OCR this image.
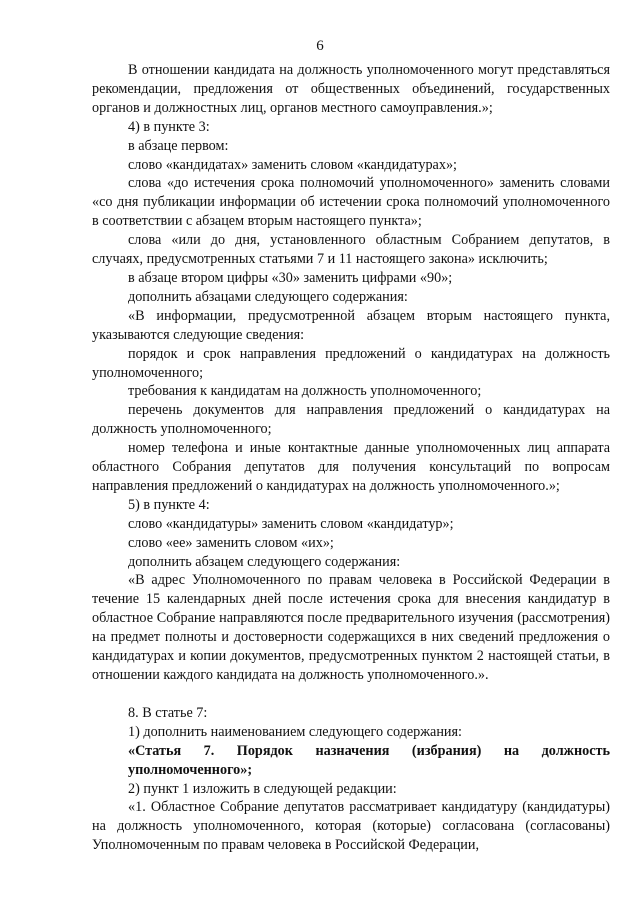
6

В отношении кандидата на должность уполномоченного могут представляться рекомендации, предложения от общественных объединений, государственных органов и должностных лиц, органов местного самоуправления.»;

4) в пункте 3:

в абзаце первом:

слово «кандидатах» заменить словом «кандидатурах»;

слова «до истечения срока полномочий уполномоченного» заменить словами «со дня публикации информации об истечении срока полномочий уполномоченного в соответствии с абзацем вторым настоящего пункта»;

слова «или до дня, установленного областным Собранием депутатов, в случаях, предусмотренных статьями 7 и 11 настоящего закона» исключить;

в абзаце втором цифры «30» заменить цифрами «90»;

дополнить абзацами следующего содержания:

«В информации, предусмотренной абзацем вторым настоящего пункта, указываются следующие сведения:

порядок и срок направления предложений о кандидатурах на должность уполномоченного;

требования к кандидатам на должность уполномоченного;

перечень документов для направления предложений о кандидатурах на должность уполномоченного;

номер телефона и иные контактные данные уполномоченных лиц аппарата областного Собрания депутатов для получения консультаций по вопросам направления предложений о кандидатурах на должность уполномоченного.»;

5) в пункте 4:

слово «кандидатуры» заменить словом «кандидатур»;

слово «ее» заменить словом «их»;

дополнить абзацем следующего содержания:

«В адрес Уполномоченного по правам человека в Российской Федерации в течение 15 календарных дней после истечения срока для внесения кандидатур в областное Собрание направляются после предварительного изучения (рассмотрения) на предмет полноты и достоверности содержащихся в них сведений предложения о кандидатурах и копии документов, предусмотренных пунктом 2 настоящей статьи, в отношении каждого кандидата на должность уполномоченного.».

8. В статье 7:

1) дополнить наименованием следующего содержания:

«Статья 7. Порядок назначения (избрания) на должность уполномоченного»;

2) пункт 1 изложить в следующей редакции:

«1. Областное Собрание депутатов рассматривает кандидатуру (кандидатуры) на должность уполномоченного, которая (которые) согласована (согласованы) Уполномоченным по правам человека в Российской Федерации,
